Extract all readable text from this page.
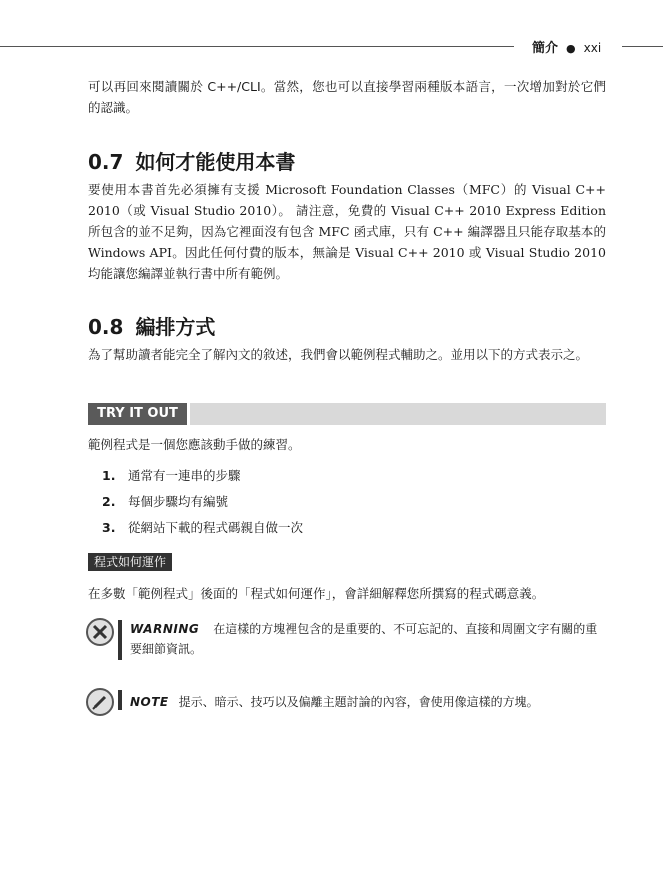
簡介 ● xxi
可以再回來閱讀關於 C++/CLI。當然，您也可以直接學習兩種版本語言，一次增加對於它們的認識。
0.7 如何才能使用本書
要使用本書首先必須擁有支援 Microsoft Foundation Classes（MFC）的 Visual C++ 2010（或 Visual Studio 2010）。 請注意，免費的 Visual C++ 2010 Express Edition 所包含的並不足夠，因為它裡面沒有包含 MFC 函式庫，只有 C++ 編譯器且只能存取基本的 Windows API。因此任何付費的版本，無論是 Visual C++ 2010 或 Visual Studio 2010 均能讓您編譯並執行書中所有範例。
0.8 編排方式
為了幫助讀者能完全了解內文的敘述，我們會以範例程式輔助之。並用以下的方式表示之。
TRY IT OUT
範例程式是一個您應該動手做的練習。
1. 通常有一連串的步驟
2. 每個步驟均有編號
3. 從網站下載的程式碼親自做一次
程式如何運作
在多數「範例程式」後面的「程式如何運作」，會詳細解釋您所撰寫的程式碼意義。
WARNING 在這樣的方塊裡包含的是重要的、不可忘記的、直接和周圍文字有關的重要細節資訊。
NOTE 提示、暗示、技巧以及偏離主題討論的內容，會使用像這樣的方塊。
